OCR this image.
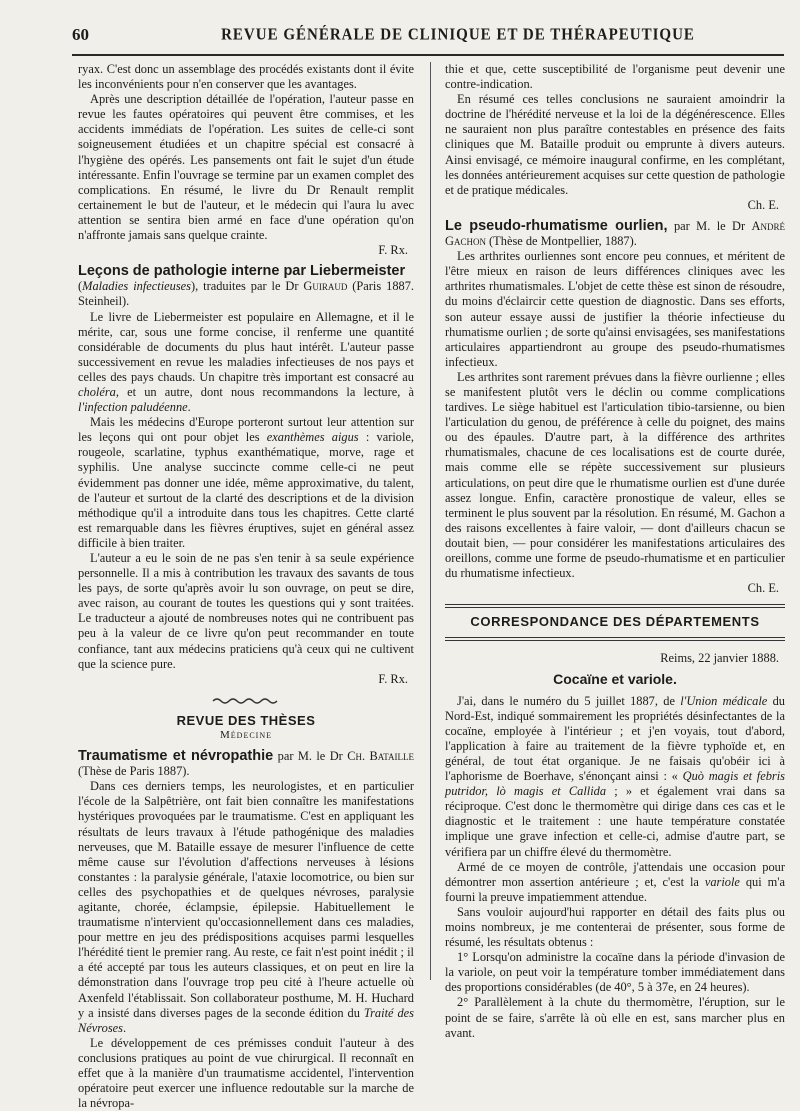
60	REVUE GÉNÉRALE DE CLINIQUE ET DE THÉRAPEUTIQUE

ryax. C'est donc un assemblage des procédés existants dont il évite les inconvénients pour n'en conserver que les avantages.

Après une description détaillée de l'opération, l'auteur passe en revue les fautes opératoires qui peuvent être commises, et les accidents immédiats de l'opération. Les suites de celle-ci sont soigneusement étudiées et un chapitre spécial est consacré à l'hygiène des opérés. Les pansements ont fait le sujet d'un étude intéressante. Enfin l'ouvrage se termine par un examen complet des complications. En résumé, le livre du Dr Renault remplit certainement le but de l'auteur, et le médecin qui l'aura lu avec attention se sentira bien armé en face d'une opération qu'on n'affronte jamais sans quelque crainte.

F. Rx.

Leçons de pathologie interne par Liebermeister
(Maladies infectieuses), traduites par le Dr Guiraud (Paris 1887. Steinheil).

Le livre de Liebermeister est populaire en Allemagne, et il le mérite, car, sous une forme concise, il renferme une quantité considérable de documents du plus haut intérêt. L'auteur passe successivement en revue les maladies infectieuses de nos pays et celles des pays chauds. Un chapitre très important est consacré au choléra, et un autre, dont nous recommandons la lecture, à l'infection paludéenne.

Mais les médecins d'Europe porteront surtout leur attention sur les leçons qui ont pour objet les exanthèmes aigus : variole, rougeole, scarlatine, typhus exanthématique, morve, rage et syphilis. Une analyse succincte comme celle-ci ne peut évidemment pas donner une idée, même approximative, du talent, de l'auteur et surtout de la clarté des descriptions et de la division méthodique qu'il a introduite dans tous les chapitres. Cette clarté est remarquable dans les fièvres éruptives, sujet en général assez difficile à bien traiter.

L'auteur a eu le soin de ne pas s'en tenir à sa seule expérience personnelle. Il a mis à contribution les travaux des savants de tous les pays, de sorte qu'après avoir lu son ouvrage, on peut se dire, avec raison, au courant de toutes les questions qui y sont traitées. Le traducteur a ajouté de nombreuses notes qui ne contribuent pas peu à la valeur de ce livre qu'on peut recommander en toute confiance, tant aux médecins praticiens qu'à ceux qui ne cultivent que la science pure.

F. Rx.
REVUE DES THÈSES
Médecine

Traumatisme et névropathie par M. le Dr Ch. Bataille (Thèse de Paris 1887).

Dans ces derniers temps, les neurologistes, et en particulier l'école de la Salpêtrière, ont fait bien connaître les manifestations hystériques provoquées par le traumatisme. C'est en appliquant les résultats de leurs travaux à l'étude pathogénique des maladies nerveuses, que M. Bataille essaye de mesurer l'influence de cette même cause sur l'évolution d'affections nerveuses à lésions constantes : la paralysie générale, l'ataxie locomotrice, ou bien sur celles des psychopathies et de quelques névroses, paralysie agitante, chorée, éclampsie, épilepsie. Habituellement le traumatisme n'intervient qu'occasionnellement dans ces maladies, pour mettre en jeu des prédispositions acquises parmi lesquelles l'hérédité tient le premier rang. Au reste, ce fait n'est point inédit ; il a été accepté par tous les auteurs classiques, et on peut en lire la démonstration dans l'ouvrage trop peu cité à l'heure actuelle où Axenfeld l'établissait. Son collaborateur posthume, M. H. Huchard y a insisté dans diverses pages de la seconde édition du Traité des Névroses.

Le développement de ces prémisses conduit l'auteur à des conclusions pratiques au point de vue chirurgical. Il reconnaît en effet que à la manière d'un traumatisme accidentel, l'intervention opératoire peut exercer une influence redoutable sur la marche de la névropa-

thie et que, cette susceptibilité de l'organisme peut devenir une contre-indication.

En résumé ces telles conclusions ne sauraient amoindrir la doctrine de l'hérédité nerveuse et la loi de la dégénérescence. Elles ne sauraient non plus paraître contestables en présence des faits cliniques que M. Bataille produit ou emprunte à divers auteurs. Ainsi envisagé, ce mémoire inaugural confirme, en les complétant, les données antérieurement acquises sur cette question de pathologie et de pratique médicales.

Ch. E.

Le pseudo-rhumatisme ourlien, par M. le Dr André Gachon (Thèse de Montpellier, 1887).

Les arthrites ourliennes sont encore peu connues, et méritent de l'être mieux en raison de leurs différences cliniques avec les arthrites rhumatismales. L'objet de cette thèse est sinon de résoudre, du moins d'éclaircir cette question de diagnostic. Dans ses efforts, son auteur essaye aussi de justifier la théorie infectieuse du rhumatisme ourlien ; de sorte qu'ainsi envisagées, ses manifestations articulaires appartiendront au groupe des pseudo-rhumatismes infectieux.

Les arthrites sont rarement prévues dans la fièvre ourlienne ; elles se manifestent plutôt vers le déclin ou comme complications tardives. Le siège habituel est l'articulation tibio-tarsienne, ou bien l'articulation du genou, de préférence à celle du poignet, des mains ou des épaules. D'autre part, à la différence des arthrites rhumatismales, chacune de ces localisations est de courte durée, mais comme elle se répète successivement sur plusieurs articulations, on peut dire que le rhumatisme ourlien est d'une durée assez longue. Enfin, caractère pronostique de valeur, elles se terminent le plus souvent par la résolution. En résumé, M. Gachon a des raisons excellentes à faire valoir, — dont d'ailleurs chacun se doutait bien, — pour considérer les manifestations articulaires des oreillons, comme une forme de pseudo-rhumatisme et en particulier du rhumatisme infectieux.

Ch. E.
CORRESPONDANCE DES DÉPARTEMENTS
Reims, 22 janvier 1888.
Cocaïne et variole.

J'ai, dans le numéro du 5 juillet 1887, de l'Union médicale du Nord-Est, indiqué sommairement les propriétés désinfectantes de la cocaïne, employée à l'intérieur ; et j'en voyais, tout d'abord, l'application à faire au traitement de la fièvre typhoïde et, en général, de tout état organique. Je ne faisais qu'obéir ici à l'aphorisme de Boerhave, s'énonçant ainsi : « Quò magis et febris putridor, lò magis et Callida ; » et également vrai dans sa réciproque. C'est donc le thermomètre qui dirige dans ces cas et le diagnostic et le traitement : une haute température constatée implique une grave infection et celle-ci, admise d'autre part, se vérifiera par un chiffre élevé du thermomètre.

Armé de ce moyen de contrôle, j'attendais une occasion pour démontrer mon assertion antérieure ; et, c'est la variole qui m'a fourni la preuve impatiemment attendue.

Sans vouloir aujourd'hui rapporter en détail des faits plus ou moins nombreux, je me contenterai de présenter, sous forme de résumé, les résultats obtenus :

1° Lorsqu'on administre la cocaïne dans la période d'invasion de la variole, on peut voir la température tomber immédiatement dans des proportions considérables (de 40°, 5 à 37e, en 24 heures).

2° Parallèlement à la chute du thermomètre, l'éruption, sur le point de se faire, s'arrête là où elle en est, sans marcher plus en avant.
